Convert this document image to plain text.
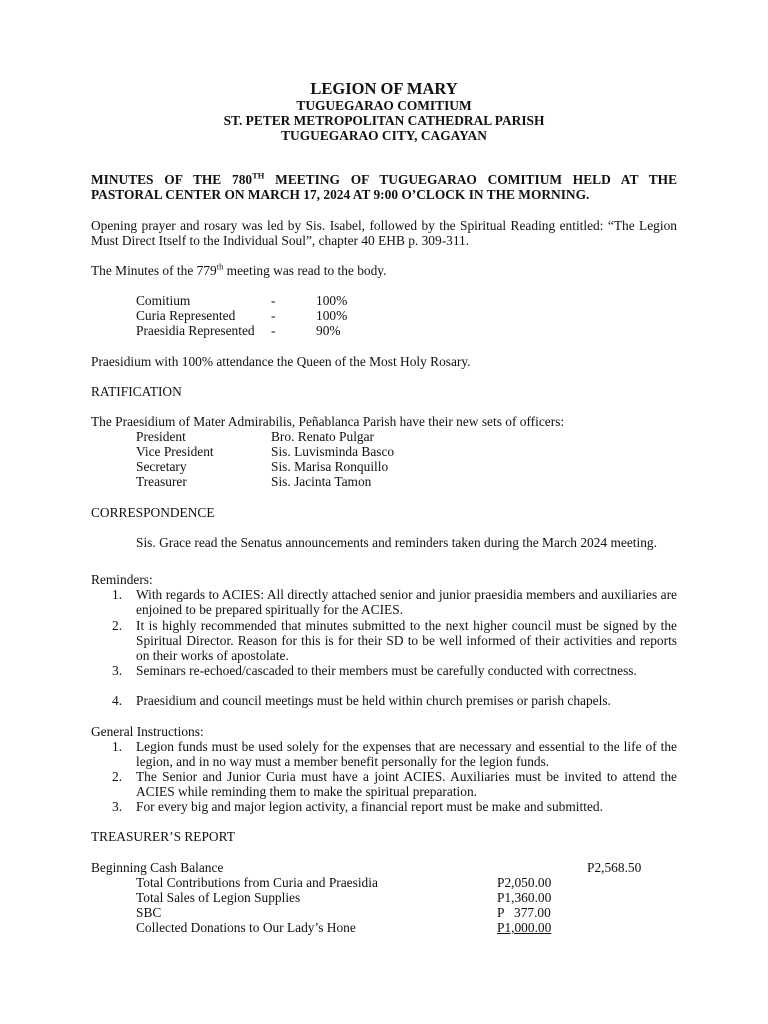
LEGION OF MARY
TUGUEGARAO COMITIUM
ST. PETER METROPOLITAN CATHEDRAL PARISH
TUGUEGARAO CITY, CAGAYAN
MINUTES OF THE 780TH MEETING OF TUGUEGARAO COMITIUM HELD AT THE PASTORAL CENTER ON MARCH 17, 2024 AT 9:00 O’CLOCK IN THE MORNING.
Opening prayer and rosary was led by Sis. Isabel, followed by the Spiritual Reading entitled: “The Legion Must Direct Itself to the Individual Soul”, chapter 40 EHB p. 309-311.
The Minutes of the 779th meeting was read to the body.
Comitium	-	100%
Curia Represented	-	100%
Praesidia Represented -	90%
Praesidium with 100% attendance the Queen of the Most Holy Rosary.
RATIFICATION
The Praesidium of Mater Admirabilis, Peñablanca Parish have their new sets of officers:
President	Bro. Renato Pulgar
Vice President	Sis. Luvisminda Basco
Secretary	Sis. Marisa Ronquillo
Treasurer	Sis. Jacinta Tamon
CORRESPONDENCE
Sis. Grace read the Senatus announcements and reminders taken during the March 2024 meeting.
Reminders:
1. With regards to ACIES: All directly attached senior and junior praesidia members and auxiliaries are enjoined to be prepared spiritually for the ACIES.
2. It is highly recommended that minutes submitted to the next higher council must be signed by the Spiritual Director. Reason for this is for their SD to be well informed of their activities and reports on their works of apostolate.
3. Seminars re-echoed/cascaded to their members must be carefully conducted with correctness.
4. Praesidium and council meetings must be held within church premises or parish chapels.
General Instructions:
1. Legion funds must be used solely for the expenses that are necessary and essential to the life of the legion, and in no way must a member benefit personally for the legion funds.
2. The Senior and Junior Curia must have a joint ACIES. Auxiliaries must be invited to attend the ACIES while reminding them to make the spiritual preparation.
3. For every big and major legion activity, a financial report must be make and submitted.
TREASURER’S REPORT
Beginning Cash Balance	P2,568.50
Total Contributions from Curia and Praesidia	P2,050.00
Total Sales of Legion Supplies	P1,360.00
SBC	P   377.00
Collected Donations to Our Lady’s Hone	P1,000.00
